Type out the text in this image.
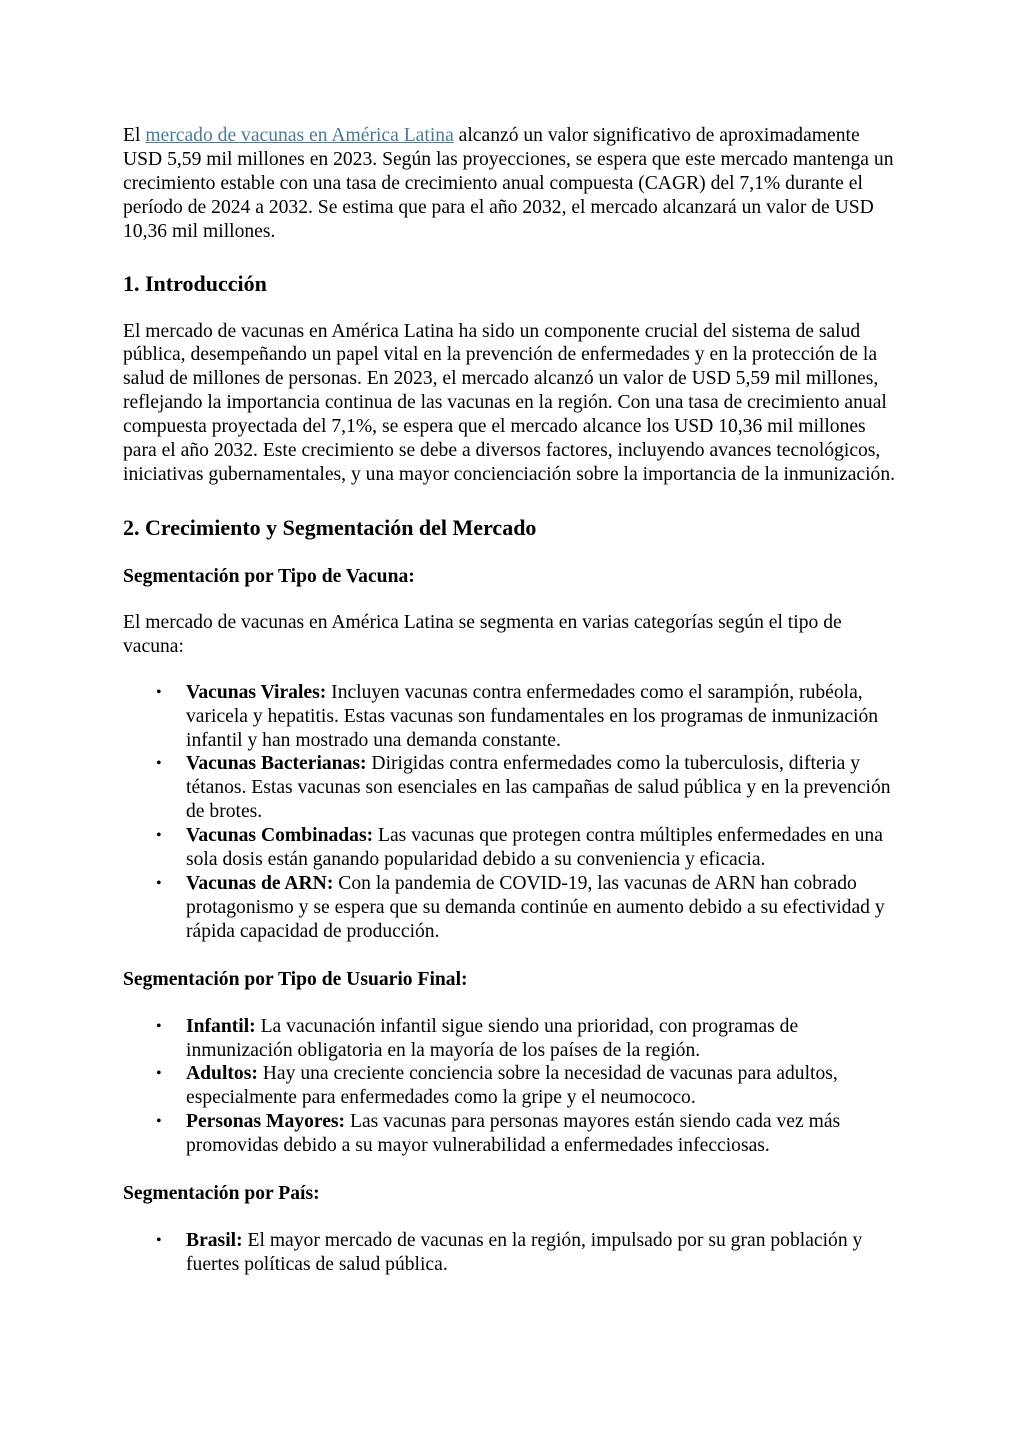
El mercado de vacunas en América Latina alcanzó un valor significativo de aproximadamente USD 5,59 mil millones en 2023. Según las proyecciones, se espera que este mercado mantenga un crecimiento estable con una tasa de crecimiento anual compuesta (CAGR) del 7,1% durante el período de 2024 a 2032. Se estima que para el año 2032, el mercado alcanzará un valor de USD 10,36 mil millones.

1. Introducción

El mercado de vacunas en América Latina ha sido un componente crucial del sistema de salud pública, desempeñando un papel vital en la prevención de enfermedades y en la protección de la salud de millones de personas. En 2023, el mercado alcanzó un valor de USD 5,59 mil millones, reflejando la importancia continua de las vacunas en la región. Con una tasa de crecimiento anual compuesta proyectada del 7,1%, se espera que el mercado alcance los USD 10,36 mil millones para el año 2032. Este crecimiento se debe a diversos factores, incluyendo avances tecnológicos, iniciativas gubernamentales, y una mayor concienciación sobre la importancia de la inmunización.

2. Crecimiento y Segmentación del Mercado
Segmentación por Tipo de Vacuna:

El mercado de vacunas en América Latina se segmenta en varias categorías según el tipo de vacuna:

• Vacunas Virales: Incluyen vacunas contra enfermedades como el sarampión, rubéola, varicela y hepatitis. Estas vacunas son fundamentales en los programas de inmunización infantil y han mostrado una demanda constante.
• Vacunas Bacterianas: Dirigidas contra enfermedades como la tuberculosis, difteria y tétanos. Estas vacunas son esenciales en las campañas de salud pública y en la prevención de brotes.
• Vacunas Combinadas: Las vacunas que protegen contra múltiples enfermedades en una sola dosis están ganando popularidad debido a su conveniencia y eficacia.
• Vacunas de ARN: Con la pandemia de COVID-19, las vacunas de ARN han cobrado protagonismo y se espera que su demanda continúe en aumento debido a su efectividad y rápida capacidad de producción.
Segmentación por Tipo de Usuario Final:
• Infantil: La vacunación infantil sigue siendo una prioridad, con programas de inmunización obligatoria en la mayoría de los países de la región.
• Adultos: Hay una creciente conciencia sobre la necesidad de vacunas para adultos, especialmente para enfermedades como la gripe y el neumococo.
• Personas Mayores: Las vacunas para personas mayores están siendo cada vez más promovidas debido a su mayor vulnerabilidad a enfermedades infecciosas.
Segmentación por País:
• Brasil: El mayor mercado de vacunas en la región, impulsado por su gran población y fuertes políticas de salud pública.
